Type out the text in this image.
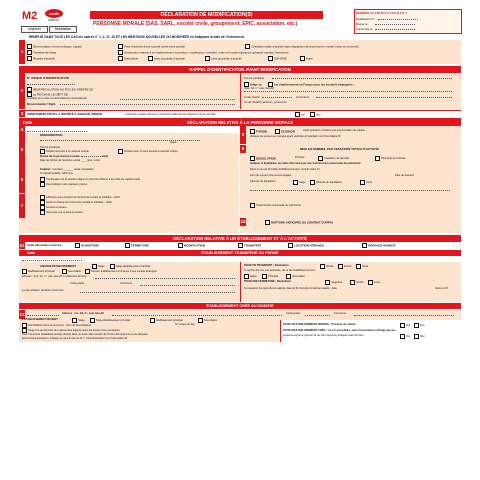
M2	cerfa
11682*03
Imprimer	Réinitialiser
DÉCLARATION DE MODIFICATION(S)
PERSONNE MORALE (SAS, SARL, société civile, groupement, EPIC, association, etc.)
RÉSERVÉ AU CFE M G U I D E B F K T
Déclaration N°
Reçue le
Transmise le
REMPLIR DANS TOUS LES CAS les cadres n° 1, 2, 21, 22 ET LES MENTIONS NOUVELLES OU MODIFIÉES en indiquant la date de l'événement
1
Dénomination, forme juridique, capital	Prise d'activité d'une société créée sans activité	Cessation totale d'activité sans disparition de la personne morale (mise en sommeil)
Transfert de siège	Déclaration relative à un établissement (ouverture, modification, transfert, mise en location-gérance, gérance-mandat, fermeture)
Reprise d'activité	Dissolution :	avec poursuite d'activité	sans poursuite d'activité	GIE-GEIE	Autre
RAPPEL D'IDENTIFICATION AVANT MODIFICATION
2
N° UNIQUE D'IDENTIFICATION
IMMATRICULATION AU RCS DU GREFFE DE
au RM DANS LE DÉPT DE
Greffe(s) du ou des immatriculation(s) secondaire(s)
Dénomination / Sigle
Forme juridique
Siège ou	1er établissement en France pour les sociétés étrangères :
(Rue, bd, n°, voie, lieu-dit)
Code postal	Commune
La soc dédaich_étrs/com_souscomm
3	UNIQUEMENT POUR LA SOCIÉTÉ À ASSOCIÉ UNIQUE	L'associé unique assume-t-il personnellement la direction de la société	oui	non
Date	DÉCLARATION RELATIVE À LA PERSONNE MORALE
4
5
DÉNOMINATION
Sigle
Forme juridique
Société soumise à un associé unique	Société avec un seul associé à associé unique
Durée de la personne morale	an(s)
Date de clôture de l'exercice social ____ (jour, mois)
6
Capital : montant ______ unité monétaire
Si capital variable : Minimum
Continuation de la société malgré un actif net inférieur à la moitié du capital social
Reconstitution des capitaux propres
7
Adhésion aux principes de l'économie sociale et solidaire – ESS
Sortie du champ de l'économie sociale et solidaire – ESS
Société à mission
N'est plus une société à mission
8
FUSION	SCISSION	Cette opération entraîne une augmentation de capital.
Indiquer les personnes morales ayant participé à l'opération sur l'intercalaire M'
9	MISE EN SOMMEIL PAR CESSATION TOTALE D'ACTIVITÉ
DISSOLUTION	Préciser :	Cessation de l'activité	Poursuite de l'activité
Indiquer le liquidateur au cadre 15A sauf pour une transmission universelle du patrimoine
Dans le cas de formalité d'établissement(s), remplir cadre 12
Nom du support d'annonces légales	Date de parution
Adresse du liquidateur	Siège	Adresse du liquidateur	Autre
Transmission universelle du patrimoine
10	RUPTURE ANTICIPÉE DU CONTRAT D'APPUI
DÉCLARATION RELATIVE À UN ÉTABLISSEMENT ET À L'ACTIVITÉ
11 Cette demande concerne :	OUVERTURE	FERMETURE	MODIFICATION	TRANSFERT	LOCATION-GÉRANCE	GÉRANCE-MANDAT
Date	ÉTABLISSEMENT TRANSFÉRÉ OU FERMÉ
ANCIEN ÉTABLISSEMENT	Siège	Siège-Établissement principal
Établissement principal	Secondaire	Premier établissement en France d'une société étrangère
Adresse : (rue, bd, n°, voie, lieu-dit ou référence du lieu)
Code postal	Commune
Le cas échéant, ancienne commune
POUR UN TRANSFERT : Destination	Vendu	Fermé	Autre
Si reprise d'un ou une poursuite, de ce fait l'établissement est :
Siège	Principal	Secondaire
POUR UNE FERMETURE : Destination	Supprimé	Vendu	Autre
Si cessation d'emploi du lieu salarié, date de fin d'emploi du dernier salarié : date	Suite au M'
ÉTABLISSEMENT CRÉÉ OU MODIFIÉ
12	Adresse : rue, bd, n°, voie, lieu-dit	Code postal	Commune
L'ÉTABLISSEMENT DEVIENT :	Siège	Siège-Établissement principal	Établissement principal	Secondaire
Domiciliation dans la commune : Nom du domiciliataire	N° unique du lieu
Siège fixé au domicile du représentant légal ou dans les locaux d'une entreprise
Pour l'ouverture d'établissement(s) situé(s) dans un autre état membre de l'Union Européenne ou de l'Espace
Économique Européen, indiquer le pays du lieu et le n° d'immatriculation sur l'intercalaire M'
POUR UN ÉTABLISSEMENT MODIFIÉ : Présence de salarié	Oui	Non
POUR UN ÉTABLISSEMENT CRÉÉ : s'il est secondaire, sera-t-il permanent et dirigé par une
personne ayant le pouvoir de lier des rapports juridiques avec les tiers	Oui	Non
